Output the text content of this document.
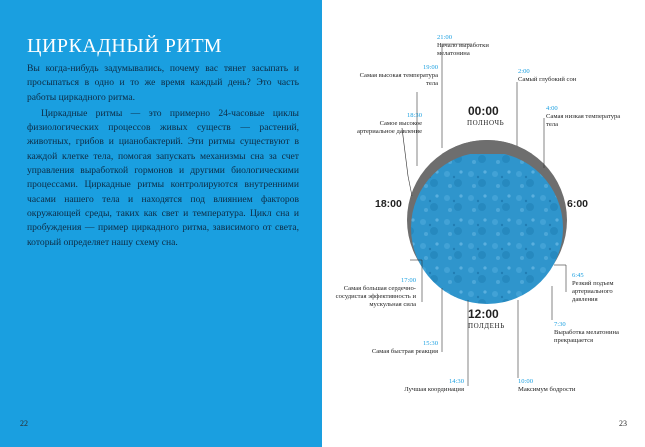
ЦИРКАДНЫЙ РИТМ

Вы когда-нибудь задумывались, почему вас тянет засыпать и просыпаться в одно и то же время каждый день? Это часть работы циркадного ритма.

Циркадные ритмы — это примерно 24-часовые циклы физиологических процессов живых существ — растений, животных, грибов и цианобактерий. Эти ритмы существуют в каждой клетке тела, помогая запускать механизмы сна за счет управления выработкой гормонов и другими биологическими процессами. Циркадные ритмы контролируются внутренними часами нашего тела и находятся под влиянием факторов окружающей среды, таких как свет и температура. Цикл сна и пробуждения — пример циркадного ритма, зависимого от света, который определяет нашу схему сна.

22
00:00
ПОЛНОЧЬ
18:00	6:00
12:00
ПОЛДЕНЬ
21:00
Начало выработки мелатонина
2:00
Самый глубокий сон
19:00
Самая высокая температура тела
4:00
Самая низкая температура тела
18:30
Самое высокое артериальное давление
6:45
Резкий подъем артериального давления
17:00
Самая большая сердечно-сосудистая эффективность и мускульная сила
7:30
Выработка мелатонина прекращается
15:30
Самая быстрая реакция
14:30
Лучшая координация
10:00
Максимум бодрости
23
